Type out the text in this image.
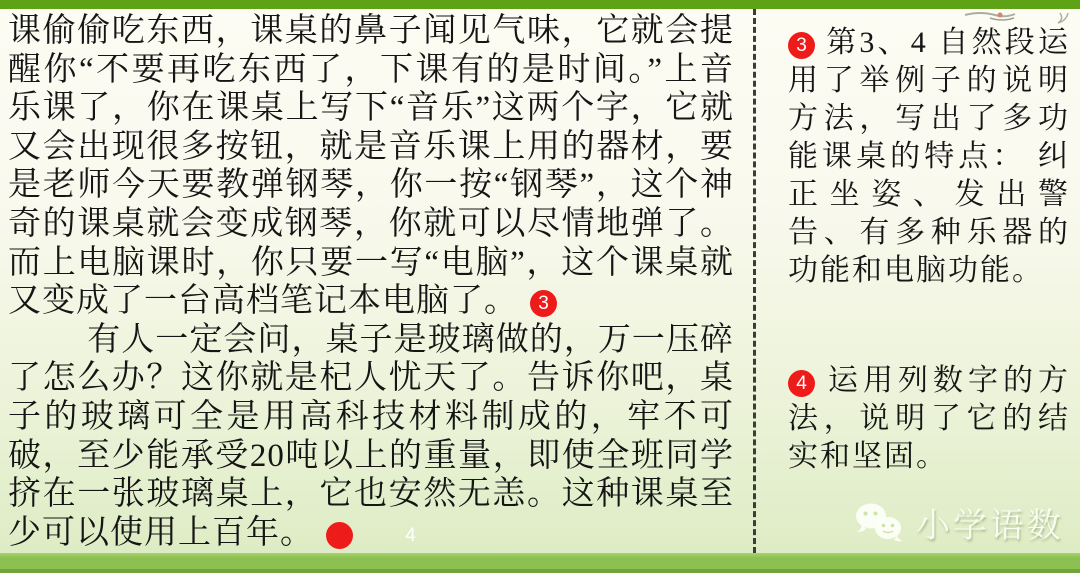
课偷偷吃东西，课桌的鼻子闻见气味，它就会提醒你“不要再吃东西了，下课有的是时间。”上音乐课了，你在课桌上写下“音乐”这两个字，它就又会出现很多按钮，就是音乐课上用的器材，要是老师今天要教弹钢琴，你一按“钢琴”，这个神奇的课桌就会变成钢琴，你就可以尽情地弹了。而上电脑课时，你只要一写“电脑”，这个课桌就又变成了一台高档笔记本电脑了。 3

有人一定会问，桌子是玻璃做的，万一压碎了怎么办？这你就是杞人忧天了。告诉你吧，桌子的玻璃可全是用高科技材料制成的，牢不可破，至少能承受20吨以上的重量，即使全班同学挤在一张玻璃桌上，它也安然无恙。这种课桌至少可以使用上百年。	4

3 第3、4 自然段运用了举例子的说明方法，写出了多功能课桌的特点： 纠正坐姿、发出警告、有多种乐器的功能和电脑功能。

4 运用列数字的方法，说明了它的结实和坚固。

小学语数
